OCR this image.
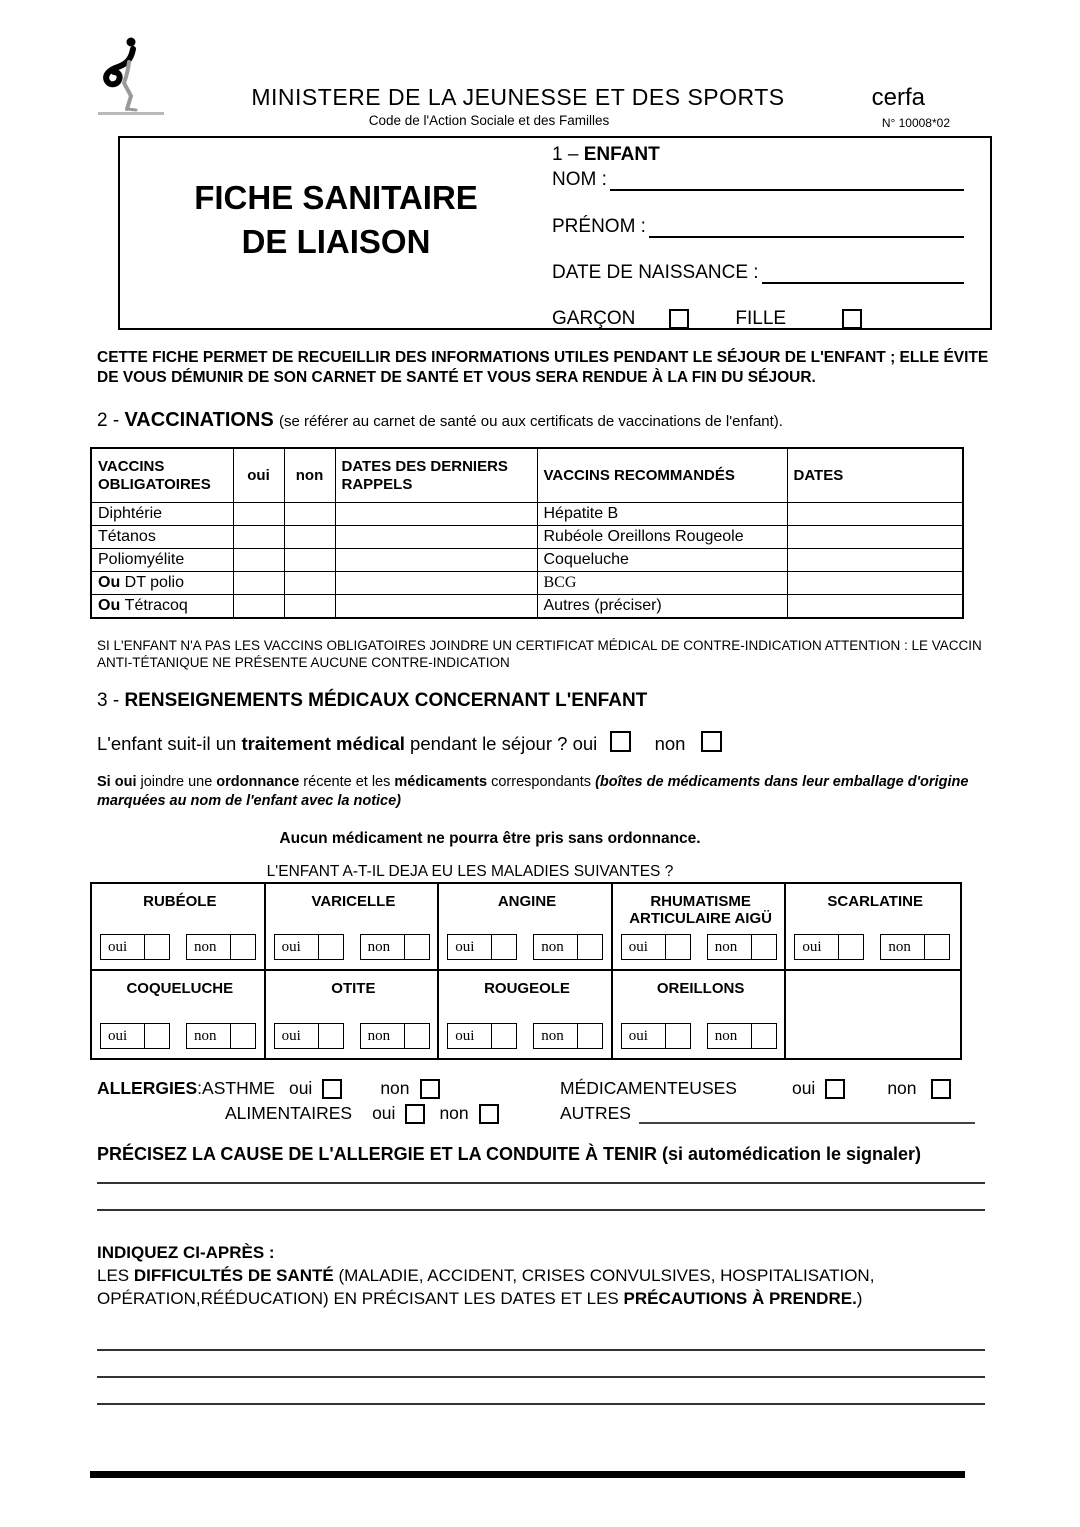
MINISTERE DE LA JEUNESSE ET DES SPORTS	cerfa
Code de l'Action Sociale et des Familles	N° 10008*02
FICHE SANITAIRE
DE LIAISON
1 – ENFANT
NOM :
PRÉNOM :
DATE DE NAISSANCE :
GARÇON	FILLE
CETTE FICHE PERMET DE RECUEILLIR DES INFORMATIONS UTILES PENDANT LE SÉJOUR DE L'ENFANT ; ELLE ÉVITE DE VOUS DÉMUNIR DE SON CARNET DE SANTÉ ET VOUS SERA RENDUE À LA FIN DU SÉJOUR.
2 - VACCINATIONS (se référer au carnet de santé ou aux certificats de vaccinations de l'enfant).
VACCINS OBLIGATOIRES	oui	non	DATES DES DERNIERS RAPPELS	VACCINS RECOMMANDÉS	DATES
Diphtérie				Hépatite B	
Tétanos				Rubéole Oreillons Rougeole	
Poliomyélite				Coqueluche	
Ou DT polio				BCG	
Ou Tétracoq				Autres (préciser)	
SI L'ENFANT N'A PAS LES VACCINS OBLIGATOIRES JOINDRE UN CERTIFICAT MÉDICAL DE CONTRE-INDICATION ATTENTION : LE VACCIN ANTI-TÉTANIQUE NE PRÉSENTE AUCUNE CONTRE-INDICATION
3 - RENSEIGNEMENTS MÉDICAUX CONCERNANT L'ENFANT
L'enfant suit-il un traitement médical pendant le séjour ? oui	non
Si oui joindre une ordonnance récente et les médicaments correspondants (boîtes de médicaments dans leur emballage d'origine marquées au nom de l'enfant avec la notice)
Aucun médicament ne pourra être pris sans ordonnance.
L'ENFANT A-T-IL DEJA EU LES MALADIES SUIVANTES ?
RUBÉOLE
oui	non
VARICELLE
oui	non
ANGINE
oui	non
RHUMATISME ARTICULAIRE AIGÜ
oui	non
SCARLATINE
oui	non
COQUELUCHE
oui	non
OTITE
oui	non
ROUGEOLE
oui	non
OREILLONS
oui	non
ALLERGIES : ASTHME oui	non	MÉDICAMENTEUSES	oui	non
ALIMENTAIRES oui	non	AUTRES
PRÉCISEZ LA CAUSE DE L'ALLERGIE ET LA CONDUITE À TENIR (si automédication le signaler)
INDIQUEZ CI-APRÈS :
LES DIFFICULTÉS DE SANTÉ (MALADIE, ACCIDENT, CRISES CONVULSIVES, HOSPITALISATION, OPÉRATION,RÉÉDUCATION) EN PRÉCISANT LES DATES ET LES PRÉCAUTIONS À PRENDRE.)
